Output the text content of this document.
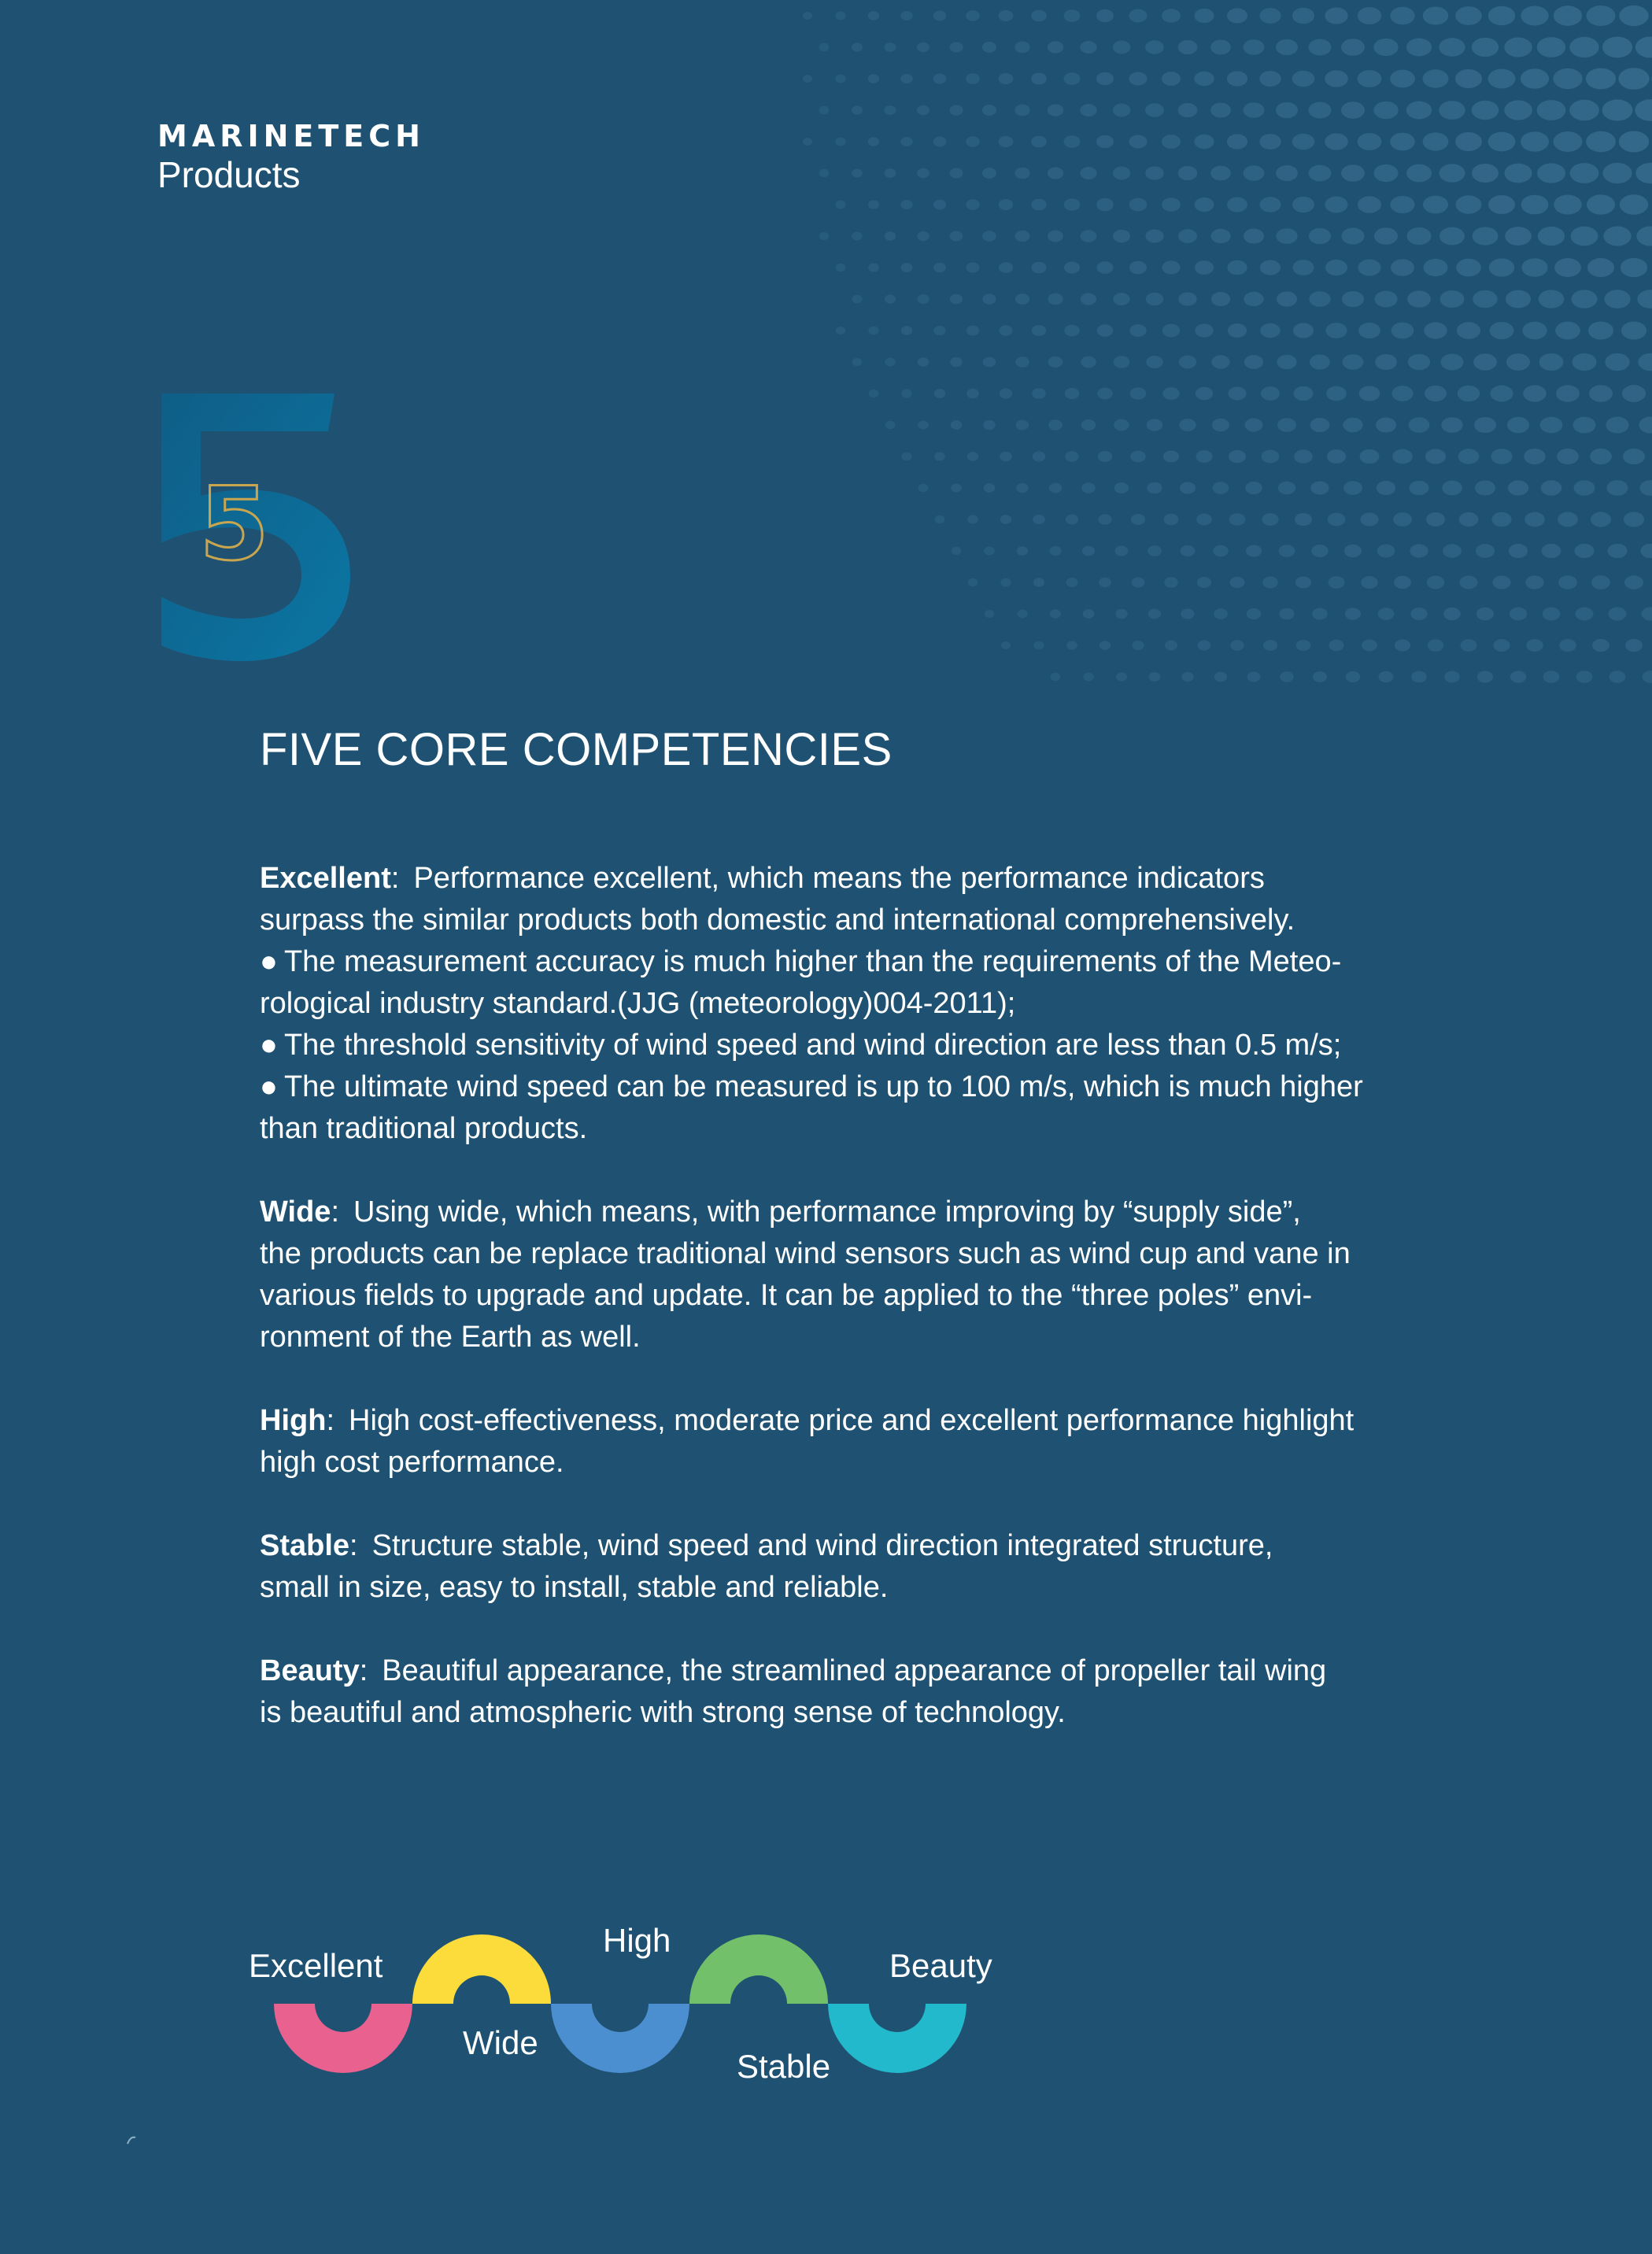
MARINETECH
Products
5
FIVE CORE COMPETENCIES

Excellent: Performance excellent, which means the performance indicators

surpass the similar products both domestic and international comprehensively.

● The measurement accuracy is much higher than the requirements of the Meteo-

rological industry standard.(JJG (meteorology)004-2011);

● The threshold sensitivity of wind speed and wind direction are less than 0.5 m/s;

● The ultimate wind speed can be measured is up to 100 m/s, which is much higher

than traditional products.

Wide: Using wide, which means, with performance improving by “supply side”,

the products can be replace traditional wind sensors such as wind cup and vane in

various fields to upgrade and update. It can be applied to the “three poles” envi-

ronment of the Earth as well.

High: High cost-effectiveness, moderate price and excellent performance highlight

high cost performance.

Stable: Structure stable, wind speed and wind direction integrated structure,

small in size, easy to install, stable and reliable.

Beauty: Beautiful appearance, the streamlined appearance of propeller tail wing

is beautiful and atmospheric with strong sense of technology.

Excellent
Wide
High
Stable
Beauty
